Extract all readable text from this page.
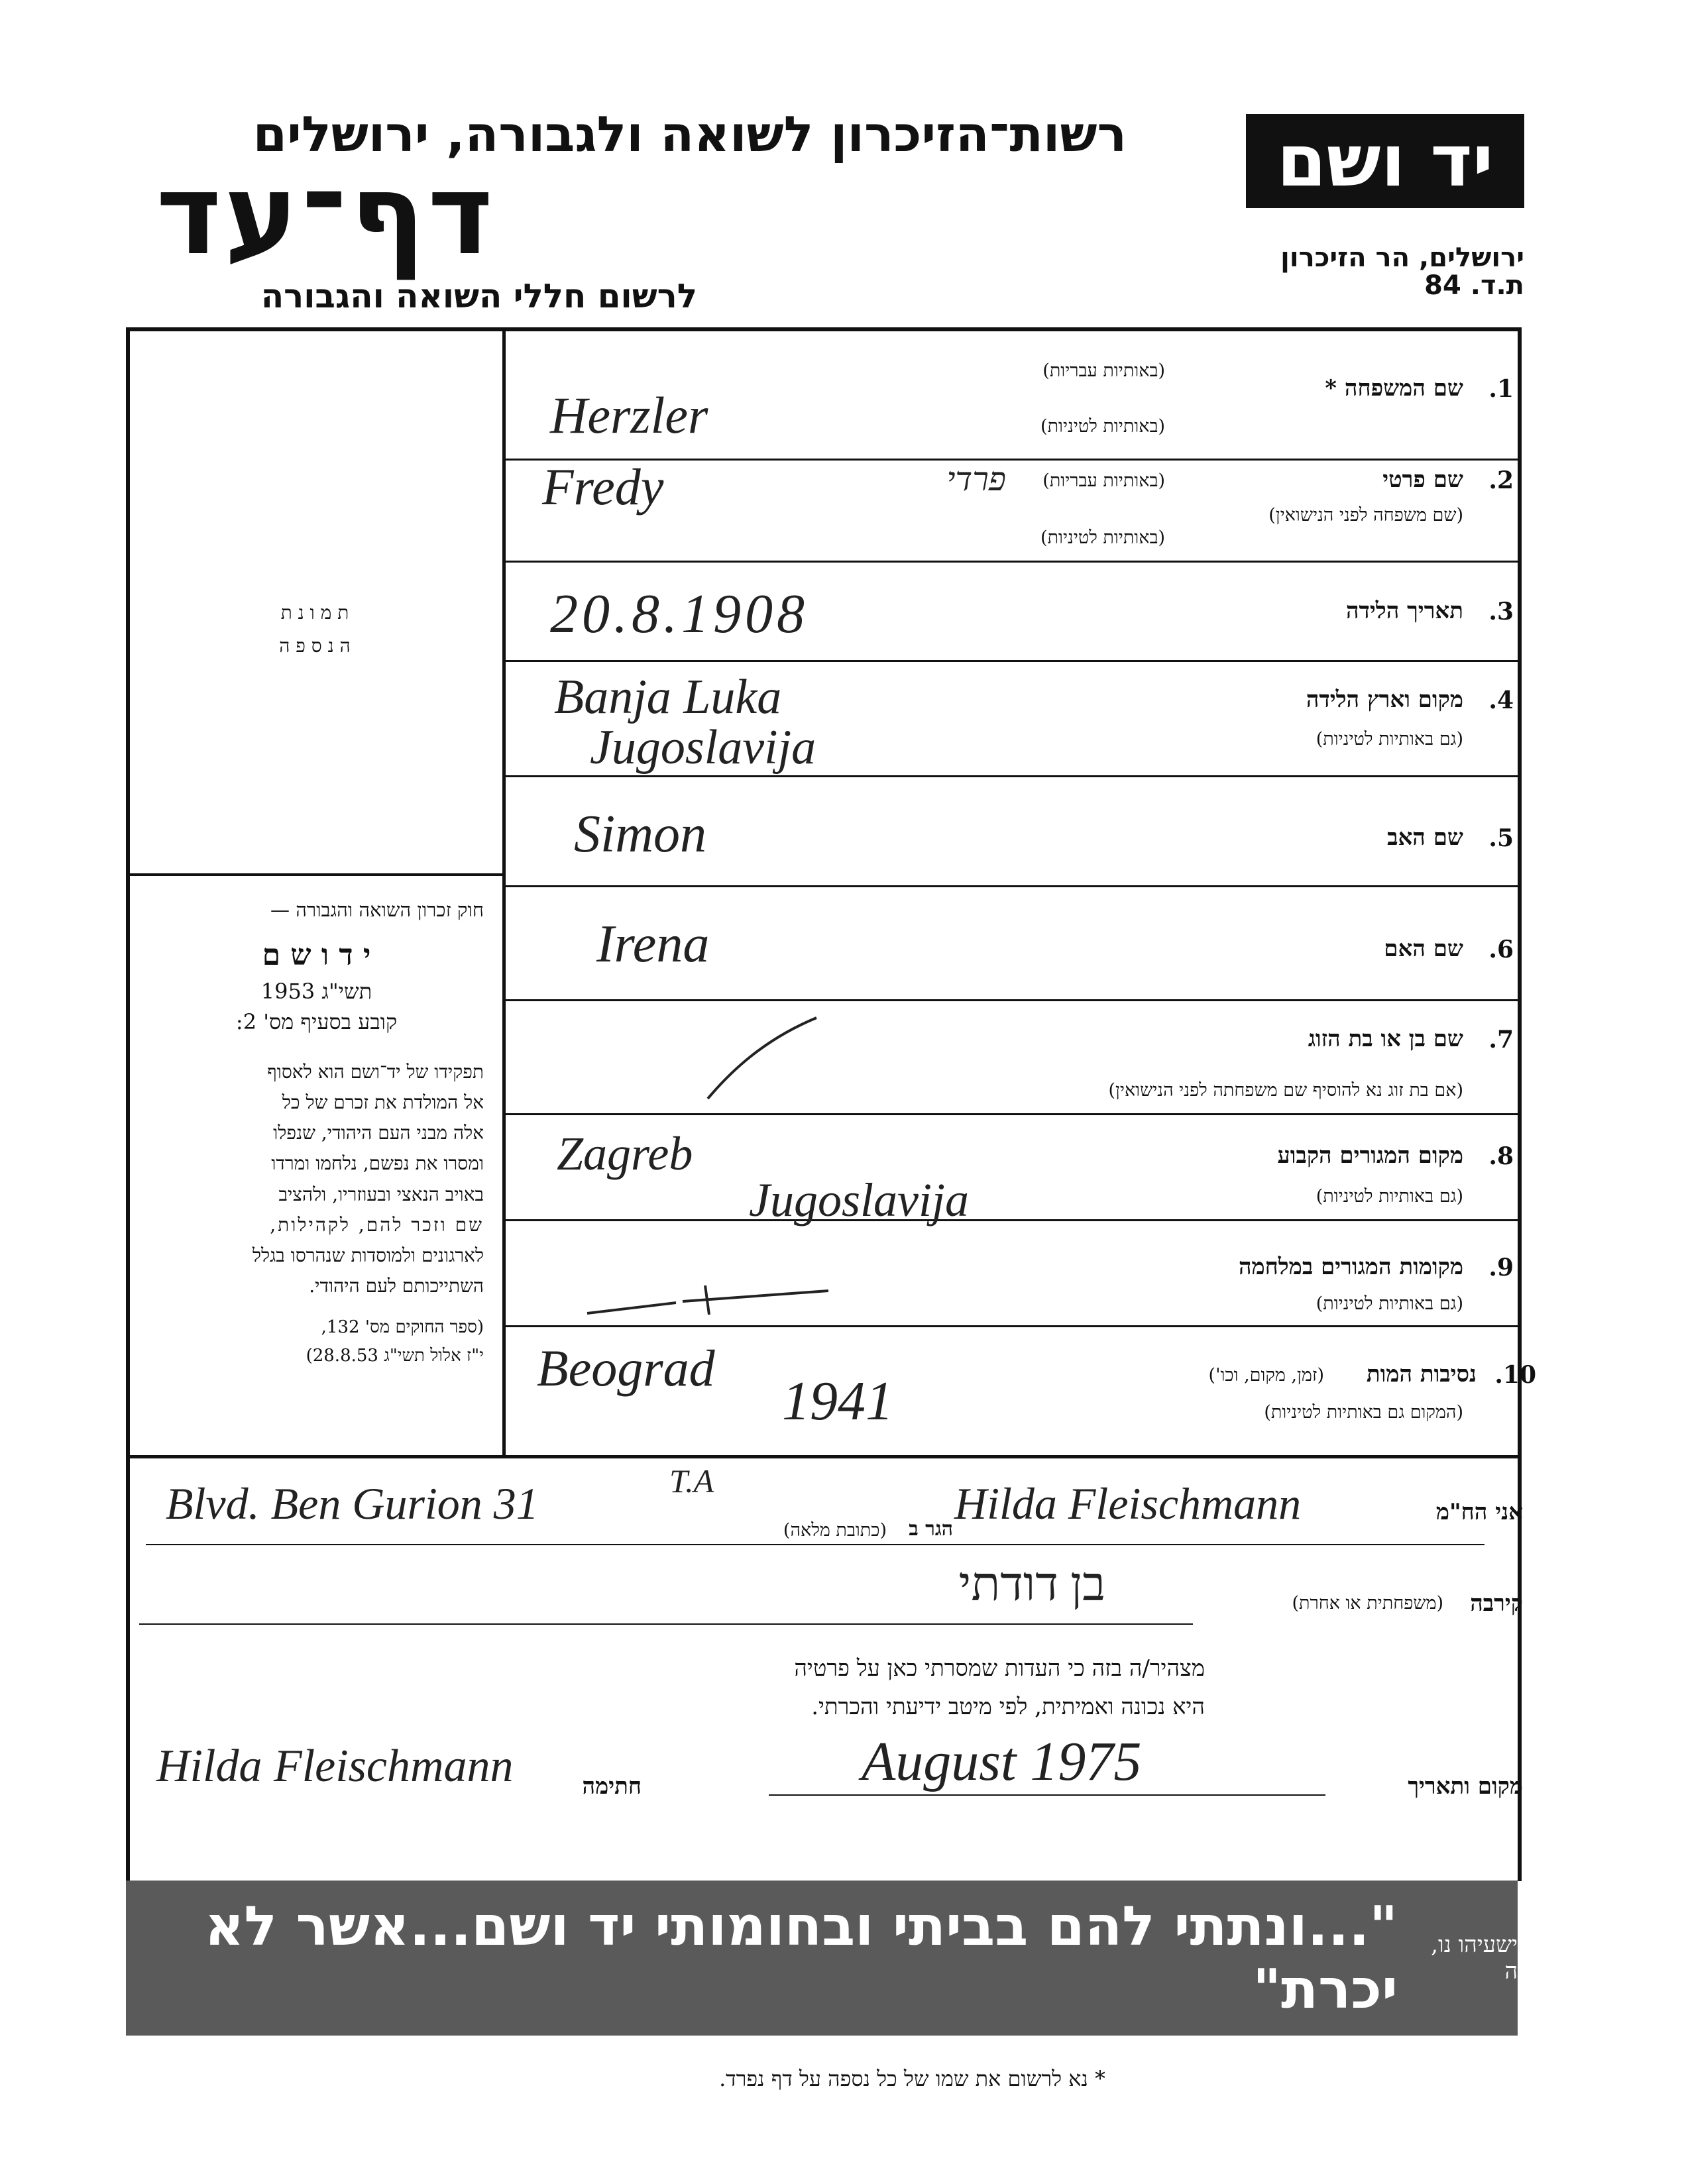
יד ושם
ירושלים, הר הזיכרון
ת.ד. 84
רשות־הזיכרון לשואה ולגבורה, ירושלים
דף־עד
לרשום חללי השואה והגבורה
ת מ ו נ ת
ה נ ס פ ה
חוק זכרון השואה והגבורה —
י ד ו ש ם
תשי"ג 1953
קובע בסעיף מס' 2:
תפקידו של יד־ושם הוא לאסוף
אל המולדת את זכרם של כל
אלה מבני העם היהודי, שנפלו
ומסרו את נפשם, נלחמו ומרדו
באויב הנאצי ובעוזריו, ולהציב
שם וזכר להם, לקהילות,
לארגונים ולמוסדות שנהרסו בגלל
השתייכותם לעם היהודי.
(ספר החוקים מס' 132,
י"ז אלול תשי"ג 28.8.53)
1.
שם המשפחה *
(באותיות עבריות)
(באותיות לטיניות)
Herzler
2.
שם פרטי
(שם משפחה לפני הנישואין)
(באותיות עבריות)
(באותיות לטיניות)
Fredy	פרדי
3.
תאריך הלידה
20.8.1908
4.
מקום וארץ הלידה
(גם באותיות לטיניות)
Banja Luka
Jugoslavija
5.
שם האב
Simon
6.
שם האם
Irena
7.
שם בן או בת הזוג
(אם בת זוג נא להוסיף שם משפחתה לפני הנישואין)
8.
מקום המגורים הקבוע
(גם באותיות לטיניות)
Zagreb
Jugoslavija
9.
מקומות המגורים במלחמה
(גם באותיות לטיניות)
10.
נסיבות המות
(זמן, מקום, וכו')
(המקום גם באותיות לטיניות)
Beograd
1941
אני הח"מ
Hilda Fleischmann
הגר ב
(כתובת מלאה)
Blvd. Ben Gurion 31	T.A
קירבה
(משפחתית או אחרת)
בן דודתי
מצהיר/ה בזה כי העדות שמסרתי כאן על פרטיה
היא נכונה ואמיתית, לפי מיטב ידיעתי והכרתי.
מקום ותאריך
August 1975
חתימה
Hilda Fleischmann
ישעיהו נו, ה
"...ונתתי להם בביתי ובחומותי יד ושם...אשר לא יכרת"
* נא לרשום את שמו של כל נספה על דף נפרד.
